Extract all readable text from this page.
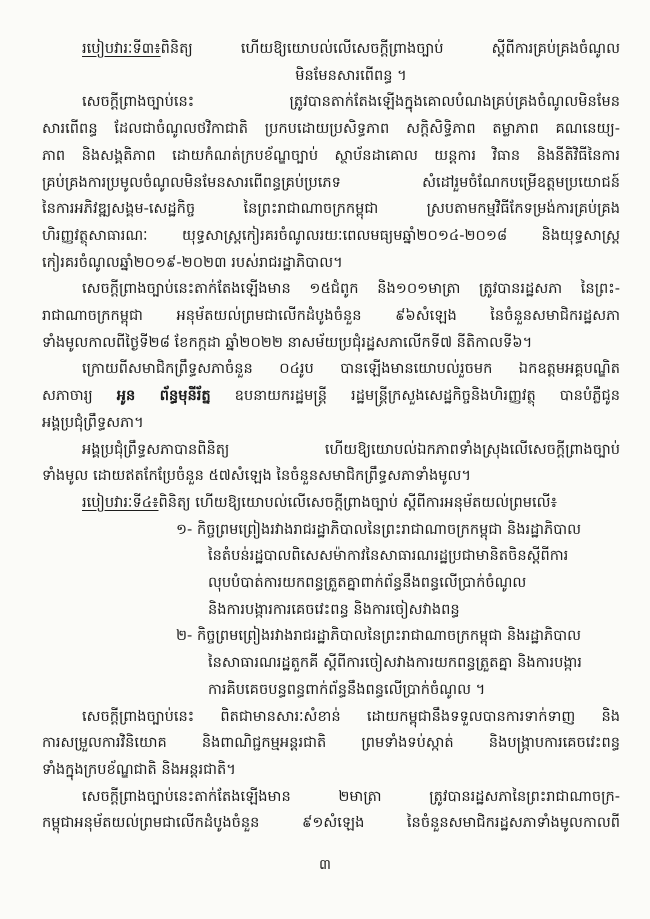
របៀបវារៈទី៣៖ពិនិត្យ ហើយឱ្យយោបល់លើសេចក្តីព្រាងច្បាប់ ស្តីពីការគ្រប់គ្រងចំណូល
មិនមែនសារពើពន្ធ ។
សេចក្តីព្រាងច្បាប់នេះ ត្រូវបានតាក់តែងឡើងក្នុងគោលបំណងគ្រប់គ្រងចំណូលមិនមែន
សារពើពន្ធ ដែលជាចំណូលថវិកាជាតិ ប្រកបដោយប្រសិទ្ធភាព សក្តិសិទ្ធិភាព តម្លាភាព គណនេយ្យ-
ភាព និងសង្គតិភាព ដោយកំណត់ក្របខ័ណ្ឌច្បាប់ ស្ថាប័នដាគោល យន្តការ វិធាន និងនីតិវិធីនៃការ
គ្រប់គ្រងការប្រមូលចំណូលមិនមែនសារពើពន្ធគ្រប់ប្រភេទ សំដៅរួមចំណែកបម្រើឧត្តមប្រយោជន៍
នៃការអភិវឌ្ឍសង្គម-សេដ្ឋកិច្ច នៃព្រះរាជាណាចក្រកម្ពុជា ស្របតាមកម្មវិធីកែទម្រង់ការគ្រប់គ្រង
ហិរញ្ញវត្ថុសាធារណៈ យុទ្ធសាស្ត្រកៀរគរចំណូលរយៈពេលមធ្យមឆ្នាំ២០១៤-២០១៨ និងយុទ្ធសាស្ត្រ
កៀរគរចំណូលឆ្នាំ២០១៩-២០២៣ របស់រាជរដ្ឋាភិបាល។
សេចក្តីព្រាងច្បាប់នេះតាក់តែងឡើងមាន ១៥ជំពូក និង១០១មាត្រា ត្រូវបានរដ្ឋសភា នៃព្រះ-
រាជាណាចក្រកម្ពុជា អនុម័តយល់ព្រមជាលើកដំបូងចំនួន ៩៦សំឡេង នៃចំនួនសមាជិករដ្ឋសភា
ទាំងមូលកាលពីថ្ងៃទី២៨ ខែកក្កដា ឆ្នាំ២០២២ នាសម័យប្រជុំរដ្ឋសភាលើកទី៧ នីតិកាលទី៦។
ក្រោយពីសមាជិកព្រឹទ្ធសភាចំនួន ០៤រូប បានឡើងមានយោបល់រួចមក ឯកឧត្តមអគ្គបណ្ឌិត
សភាចារ្យ អូន ព័ន្ធមុនីរ័ត្ន ឧបនាយករដ្ឋមន្ត្រី រដ្ឋមន្ត្រីក្រសួងសេដ្ឋកិច្ចនិងហិរញ្ញវត្ថុ បានបំភ្លឺជូន
អង្គប្រជុំព្រឹទ្ធសភា។
អង្គប្រជុំព្រឹទ្ធសភាបានពិនិត្យ ហើយឱ្យយោបល់ឯកភាពទាំងស្រុងលើសេចក្តីព្រាងច្បាប់
ទាំងមូល ដោយឥតកែប្រែចំនួន ៥៧សំឡេង នៃចំនួនសមាជិកព្រឹទ្ធសភាទាំងមូល។
របៀបវារៈទី៤៖ពិនិត្យ ហើយឱ្យយោបល់លើសេចក្តីព្រាងច្បាប់ ស្តីពីការអនុម័តយល់ព្រមលើ៖
១- កិច្ចព្រមព្រៀងរវាងរាជរដ្ឋាភិបាលនៃព្រះរាជាណាចក្រកម្ពុជា និងរដ្ឋាភិបាល
នៃតំបន់រដ្ឋបាលពិសេសម៉ាកាវនៃសាធារណរដ្ឋប្រជាមានិតចិនស្តីពីការ
លុបបំបាត់ការយកពន្ធត្រួតគ្នាពាក់ព័ន្ធនឹងពន្ធលើប្រាក់ចំណូល
និងការបង្ការការគេចវេះពន្ធ និងការចៀសវាងពន្ធ
២- កិច្ចព្រមព្រៀងរវាងរាជរដ្ឋាភិបាលនៃព្រះរាជាណាចក្រកម្ពុជា និងរដ្ឋាភិបាល
នៃសាធារណរដ្ឋតួកគី ស្តីពីការចៀសវាងការយកពន្ធត្រួតគ្នា និងការបង្ការ
ការគិបគេចបន្ធពន្ធពាក់ព័ន្ធនឹងពន្ធលើប្រាក់ចំណូល ។
សេចក្តីព្រាងច្បាប់នេះ ពិតជាមានសារៈសំខាន់ ដោយកម្ពុជានឹងទទួលបានការទាក់ទាញ និង
ការសម្រួលការវិនិយោគ និងពាណិជ្ជកម្មអន្តរជាតិ ព្រមទាំងទប់ស្កាត់ និងបង្ក្រាបការគេចវេះពន្ធ
ទាំងក្នុងក្របខ័ណ្ឌជាតិ និងអន្តរជាតិ។
សេចក្តីព្រាងច្បាប់នេះតាក់តែងឡើងមាន ២មាត្រា ត្រូវបានរដ្ឋសភានៃព្រះរាជាណាចក្រ-
កម្ពុជាអនុម័តយល់ព្រមជាលើកដំបូងចំនួន ៩១សំឡេង នៃចំនួនសមាជិករដ្ឋសភាទាំងមូលកាលពី
៣
